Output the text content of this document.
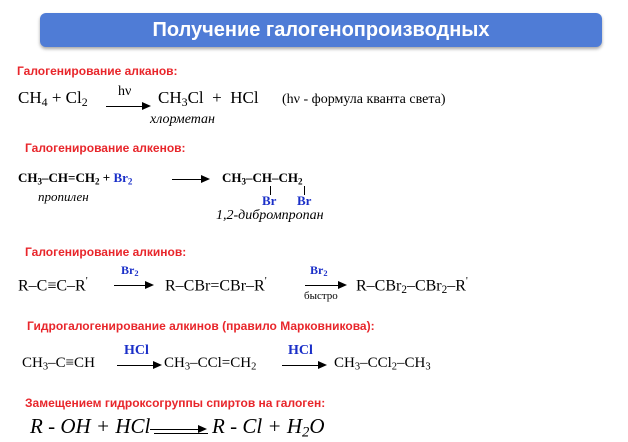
Получение галогенопроизводных
Галогенирование алканов:
$CH_4 + Cl_2$
hν $CH_3Cl$  +  HCl (hν - формула кванта света)
хлорметан
Галогенирование алкенов:
$CH_3-CH=CH_2 + Br_2$
пропилен
$CH_3-CH-CH_2$
Br Br
1,2-дибромпропан
Галогенирование алкинов:
R–C≡C–R'
$Br_2$
R–CBr=CBr–R'
$Br_2$
быстро
R–CBr$_2$–CBr$_2$–R'
Гидрогалогенирование алкинов (правило Марковникова):
$CH_3-C\equiv CH$
HCl
$CH_3-CCl=CH_2$
HCl
$CH_3-CCl_2-CH_3$
Замещением гидроксогруппы спиртов на галоген:
R - OH + HCl	$R - Cl + H_2O$
